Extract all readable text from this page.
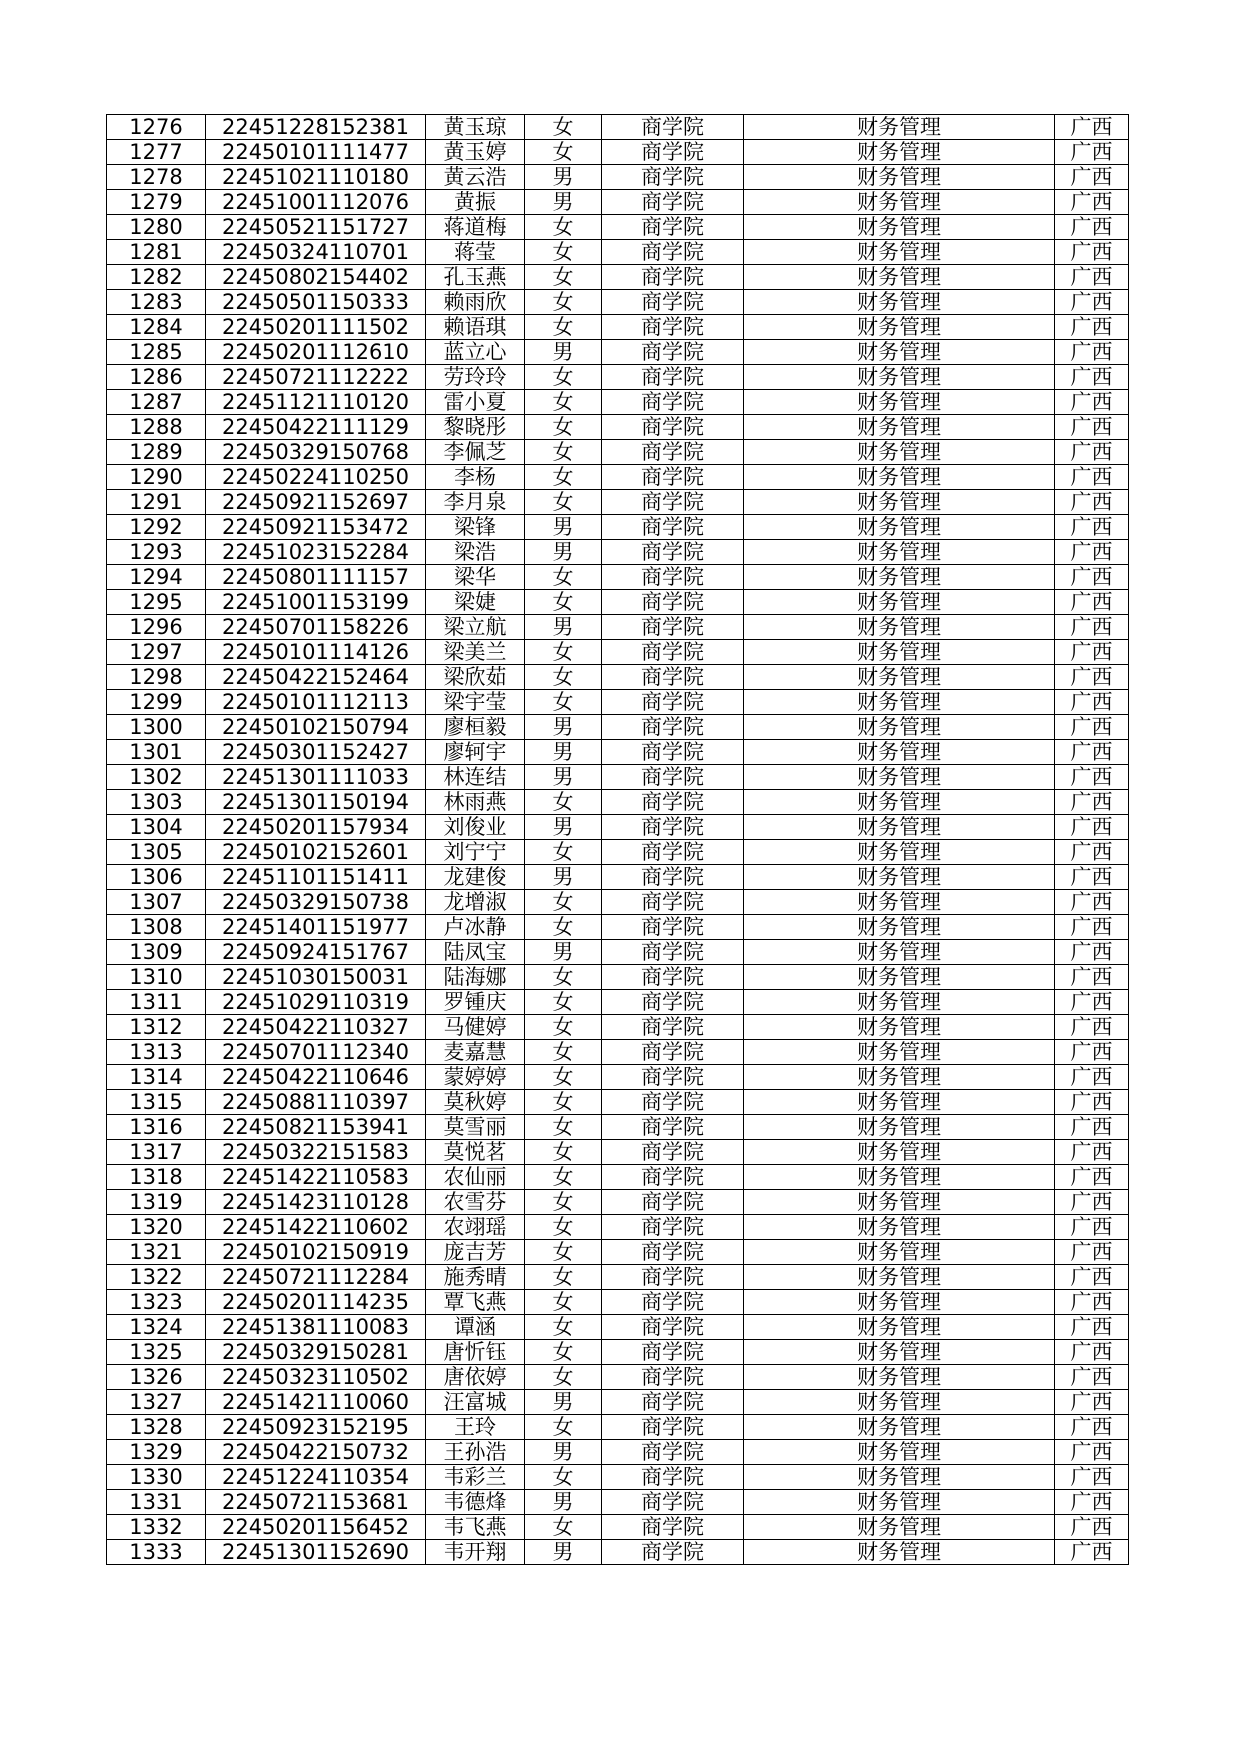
1276	22451228152381	黄玉琼	女	商学院	财务管理	广西
1277	22450101111477	黄玉婷	女	商学院	财务管理	广西
1278	22451021110180	黄云浩	男	商学院	财务管理	广西
1279	22451001112076	黄振	男	商学院	财务管理	广西
1280	22450521151727	蒋道梅	女	商学院	财务管理	广西
1281	22450324110701	蒋莹	女	商学院	财务管理	广西
1282	22450802154402	孔玉燕	女	商学院	财务管理	广西
1283	22450501150333	赖雨欣	女	商学院	财务管理	广西
1284	22450201111502	赖语琪	女	商学院	财务管理	广西
1285	22450201112610	蓝立心	男	商学院	财务管理	广西
1286	22450721112222	劳玲玲	女	商学院	财务管理	广西
1287	22451121110120	雷小夏	女	商学院	财务管理	广西
1288	22450422111129	黎晓彤	女	商学院	财务管理	广西
1289	22450329150768	李佩芝	女	商学院	财务管理	广西
1290	22450224110250	李杨	女	商学院	财务管理	广西
1291	22450921152697	李月泉	女	商学院	财务管理	广西
1292	22450921153472	梁锋	男	商学院	财务管理	广西
1293	22451023152284	梁浩	男	商学院	财务管理	广西
1294	22450801111157	梁华	女	商学院	财务管理	广西
1295	22451001153199	梁婕	女	商学院	财务管理	广西
1296	22450701158226	梁立航	男	商学院	财务管理	广西
1297	22450101114126	梁美兰	女	商学院	财务管理	广西
1298	22450422152464	梁欣茹	女	商学院	财务管理	广西
1299	22450101112113	梁宇莹	女	商学院	财务管理	广西
1300	22450102150794	廖桓毅	男	商学院	财务管理	广西
1301	22450301152427	廖轲宇	男	商学院	财务管理	广西
1302	22451301111033	林连结	男	商学院	财务管理	广西
1303	22451301150194	林雨燕	女	商学院	财务管理	广西
1304	22450201157934	刘俊业	男	商学院	财务管理	广西
1305	22450102152601	刘宁宁	女	商学院	财务管理	广西
1306	22451101151411	龙建俊	男	商学院	财务管理	广西
1307	22450329150738	龙增淑	女	商学院	财务管理	广西
1308	22451401151977	卢冰静	女	商学院	财务管理	广西
1309	22450924151767	陆凤宝	男	商学院	财务管理	广西
1310	22451030150031	陆海娜	女	商学院	财务管理	广西
1311	22451029110319	罗锺庆	女	商学院	财务管理	广西
1312	22450422110327	马健婷	女	商学院	财务管理	广西
1313	22450701112340	麦嘉慧	女	商学院	财务管理	广西
1314	22450422110646	蒙婷婷	女	商学院	财务管理	广西
1315	22450881110397	莫秋婷	女	商学院	财务管理	广西
1316	22450821153941	莫雪丽	女	商学院	财务管理	广西
1317	22450322151583	莫悦茗	女	商学院	财务管理	广西
1318	22451422110583	农仙丽	女	商学院	财务管理	广西
1319	22451423110128	农雪芬	女	商学院	财务管理	广西
1320	22451422110602	农翊瑶	女	商学院	财务管理	广西
1321	22450102150919	庞吉芳	女	商学院	财务管理	广西
1322	22450721112284	施秀晴	女	商学院	财务管理	广西
1323	22450201114235	覃飞燕	女	商学院	财务管理	广西
1324	22451381110083	谭涵	女	商学院	财务管理	广西
1325	22450329150281	唐忻钰	女	商学院	财务管理	广西
1326	22450323110502	唐依婷	女	商学院	财务管理	广西
1327	22451421110060	汪富城	男	商学院	财务管理	广西
1328	22450923152195	王玲	女	商学院	财务管理	广西
1329	22450422150732	王孙浩	男	商学院	财务管理	广西
1330	22451224110354	韦彩兰	女	商学院	财务管理	广西
1331	22450721153681	韦德烽	男	商学院	财务管理	广西
1332	22450201156452	韦飞燕	女	商学院	财务管理	广西
1333	22451301152690	韦开翔	男	商学院	财务管理	广西
